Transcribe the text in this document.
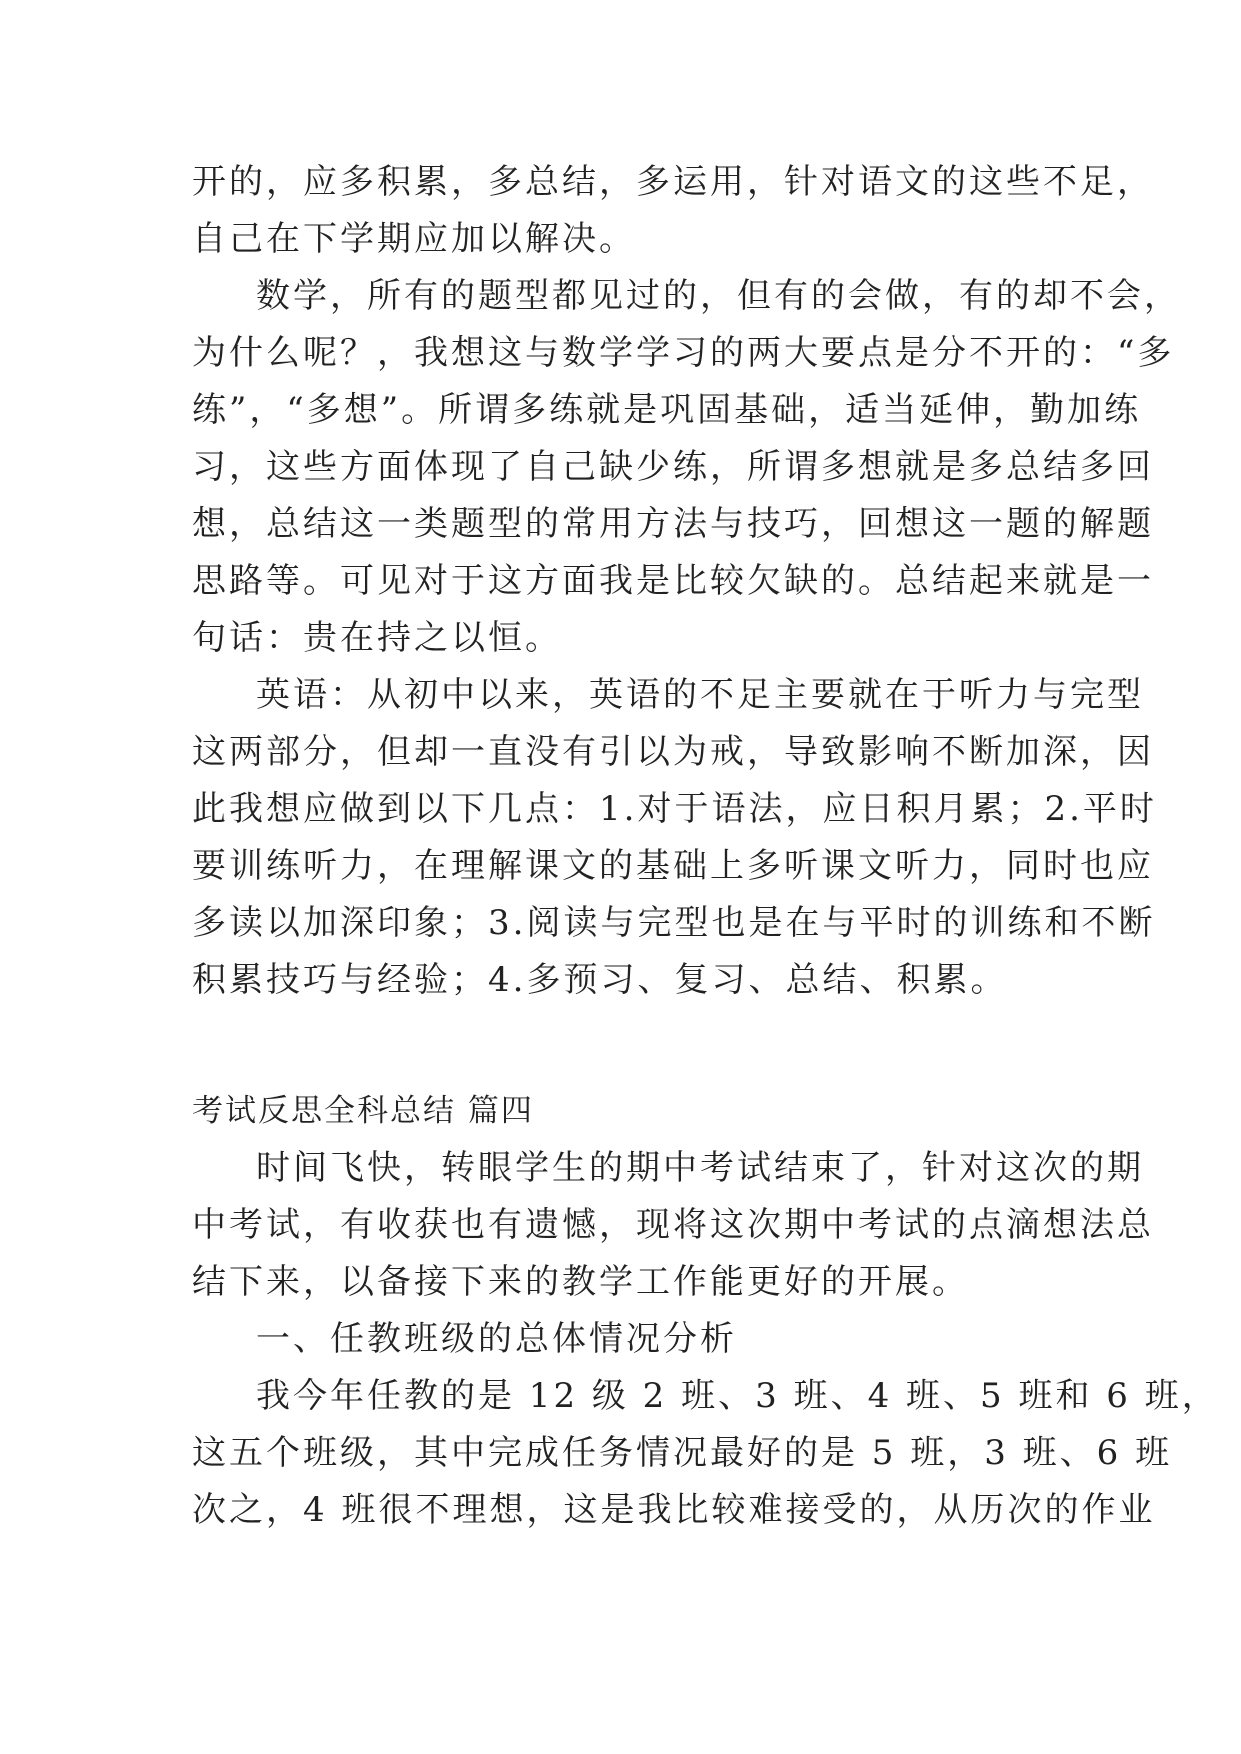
开的，应多积累，多总结，多运用，针对语文的这些不足，
自己在下学期应加以解决。
数学，所有的题型都见过的，但有的会做，有的却不会，
为什么呢？，我想这与数学学习的两大要点是分不开的：“多
练”，“多想”。所谓多练就是巩固基础，适当延伸，勤加练
习，这些方面体现了自己缺少练，所谓多想就是多总结多回
想，总结这一类题型的常用方法与技巧，回想这一题的解题
思路等。可见对于这方面我是比较欠缺的。总结起来就是一
句话：贵在持之以恒。
英语：从初中以来，英语的不足主要就在于听力与完型
这两部分，但却一直没有引以为戒，导致影响不断加深，因
此我想应做到以下几点：1.对于语法，应日积月累；2.平时
要训练听力，在理解课文的基础上多听课文听力，同时也应
多读以加深印象；3.阅读与完型也是在与平时的训练和不断
积累技巧与经验；4.多预习、复习、总结、积累。
考试反思全科总结 篇四
时间飞快，转眼学生的期中考试结束了，针对这次的期
中考试，有收获也有遗憾，现将这次期中考试的点滴想法总
结下来，以备接下来的教学工作能更好的开展。
一、任教班级的总体情况分析
我今年任教的是 12 级 2 班、3 班、4 班、5 班和 6 班，
这五个班级，其中完成任务情况最好的是 5 班，3 班、6 班
次之，4 班很不理想，这是我比较难接受的，从历次的作业
